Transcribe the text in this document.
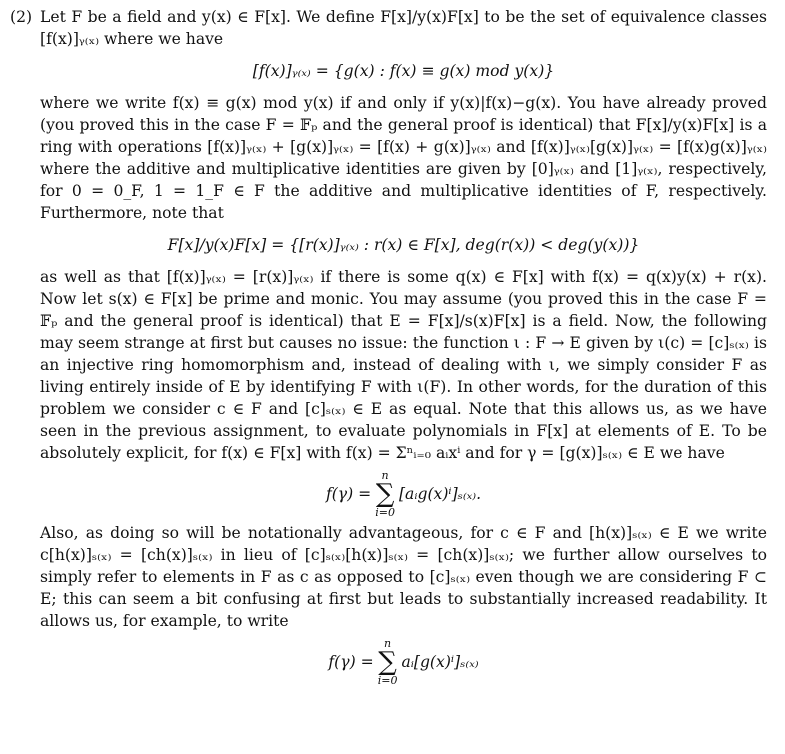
(2) Let F be a field and y(x) ∈ F[x]. We define F[x]/y(x)F[x] to be the set of equivalence classes [f(x)]ᵧ₍ₓ₎ where we have

[f(x)]ᵧ₍ₓ₎ = {g(x) : f(x) ≡ g(x) mod y(x)}

where we write f(x) ≡ g(x) mod y(x) if and only if y(x)|f(x)−g(x). You have already proved (you proved this in the case F = 𝔽ₚ and the general proof is identical) that F[x]/y(x)F[x] is a ring with operations [f(x)]ᵧ₍ₓ₎ + [g(x)]ᵧ₍ₓ₎ = [f(x) + g(x)]ᵧ₍ₓ₎ and [f(x)]ᵧ₍ₓ₎[g(x)]ᵧ₍ₓ₎ = [f(x)g(x)]ᵧ₍ₓ₎ where the additive and multiplicative identities are given by [0]ᵧ₍ₓ₎ and [1]ᵧ₍ₓ₎, respectively, for 0 = 0_F, 1 = 1_F ∈ F the additive and multiplicative identities of F, respectively. Furthermore, note that

F[x]/y(x)F[x] = {[r(x)]ᵧ₍ₓ₎ : r(x) ∈ F[x], deg(r(x)) < deg(y(x))}

as well as that [f(x)]ᵧ₍ₓ₎ = [r(x)]ᵧ₍ₓ₎ if there is some q(x) ∈ F[x] with f(x) = q(x)y(x) + r(x). Now let s(x) ∈ F[x] be prime and monic. You may assume (you proved this in the case F = 𝔽ₚ and the general proof is identical) that E = F[x]/s(x)F[x] is a field. Now, the following may seem strange at first but causes no issue: the function ι : F → E given by ι(c) = [c]ₛ₍ₓ₎ is an injective ring homomorphism and, instead of dealing with ι, we simply consider F as living entirely inside of E by identifying F with ι(F). In other words, for the duration of this problem we consider c ∈ F and [c]ₛ₍ₓ₎ ∈ E as equal. Note that this allows us, as we have seen in the previous assignment, to evaluate polynomials in F[x] at elements of E. To be absolutely explicit, for f(x) ∈ F[x] with f(x) = Σⁿᵢ₌₀ aᵢxⁱ and for γ = [g(x)]ₛ₍ₓ₎ ∈ E we have

f(γ) =
n
∑
i=0
[aᵢg(x)ⁱ]ₛ₍ₓ₎.

Also, as doing so will be notationally advantageous, for c ∈ F and [h(x)]ₛ₍ₓ₎ ∈ E we write c[h(x)]ₛ₍ₓ₎ = [ch(x)]ₛ₍ₓ₎ in lieu of [c]ₛ₍ₓ₎[h(x)]ₛ₍ₓ₎ = [ch(x)]ₛ₍ₓ₎; we further allow ourselves to simply refer to elements in F as c as opposed to [c]ₛ₍ₓ₎ even though we are considering F ⊂ E; this can seem a bit confusing at first but leads to substantially increased readability. It allows us, for example, to write

f(γ) =
n
∑
i=0
aᵢ[g(x)ⁱ]ₛ₍ₓ₎
